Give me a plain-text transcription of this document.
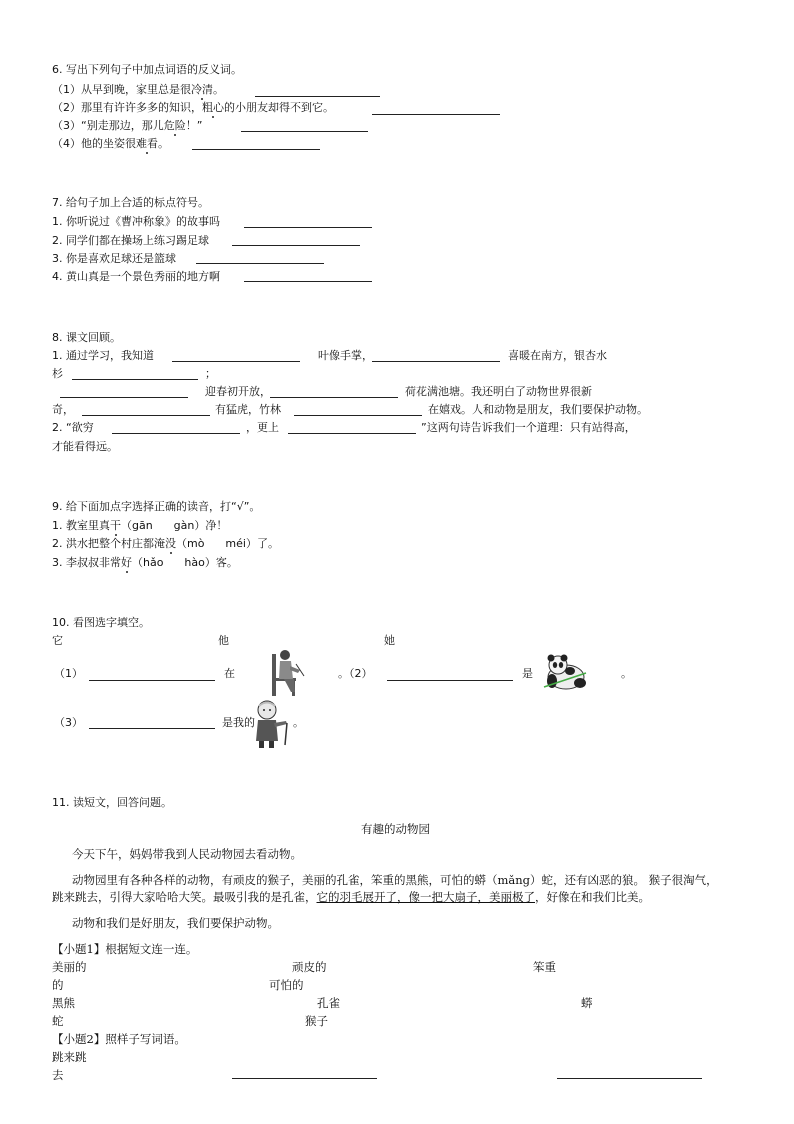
6. 写出下列句子中加点词语的反义词。
（1）从早到晚，家里总是很冷清。
（2）那里有许许多多的知识，粗心的小朋友却得不到它。
（3）“别走那边，那儿危险！”
（4）他的坐姿很难看。
7. 给句子加上合适的标点符号。
1. 你听说过《曹冲称象》的故事吗
2. 同学们都在操场上练习踢足球
3. 你是喜欢足球还是篮球
4. 黄山真是一个景色秀丽的地方啊
8. 课文回顾。
1. 通过学习，我知道	叶像手掌，	喜暖在南方，银杏水
杉	；
迎春初开放，	荷花满池塘。我还明白了动物世界很新
奇，	有猛虎，竹林	在嬉戏。人和动物是朋友，我们要保护动物。
2. “欲穷	，更上	”这两句诗告诉我们一个道理：只有站得高，
才能看得远。
9. 给下面加点字选择正确的读音，打“√”。
1. 教室里真干（gān      gàn）净！
2. 洪水把整个村庄都淹没（mò      méi）了。
3. 李叔叔非常好（hǎo      hào）客。
10. 看图选字填空。
它	他	她
（1）	在	。（2）	是	。
（3）	是我的	。
11. 读短文，回答问题。
有趣的动物园
今天下午，妈妈带我到人民动物园去看动物。
动物园里有各种各样的动物，有顽皮的猴子，美丽的孔雀，笨重的黑熊，可怕的蟒（mǎng）蛇，还有凶恶的狼。 猴子很淘气，
跳来跳去，引得大家哈哈大笑。最吸引我的是孔雀，它的羽毛展开了，像一把大扇子，美丽极了，好像在和我们比美。
动物和我们是好朋友，我们要保护动物。
【小题1】根据短文连一连。
美丽的	顽皮的	笨重
的	可怕的
黑熊	孔雀	蟒
蛇	猴子
【小题2】照样子写词语。
跳来跳
去
